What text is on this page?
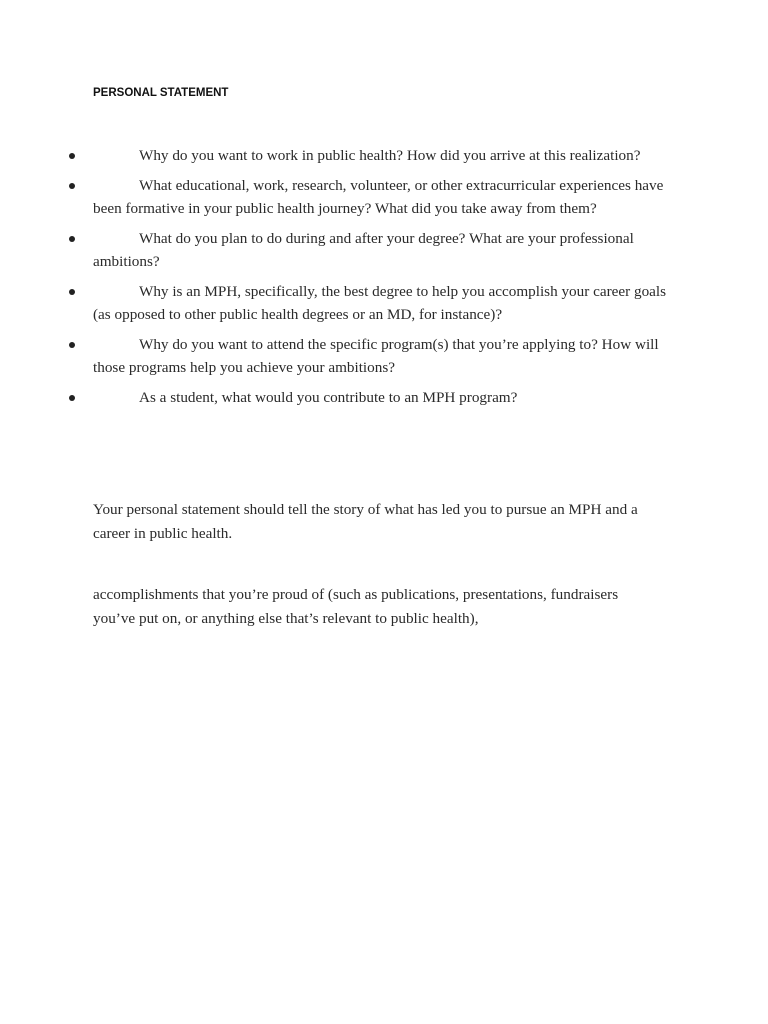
PERSONAL STATEMENT
Why do you want to work in public health? How did you arrive at this realization?
What educational, work, research, volunteer, or other extracurricular experiences have been formative in your public health journey? What did you take away from them?
What do you plan to do during and after your degree? What are your professional ambitions?
Why is an MPH, specifically, the best degree to help you accomplish your career goals (as opposed to other public health degrees or an MD, for instance)?
Why do you want to attend the specific program(s) that you’re applying to? How will those programs help you achieve your ambitions?
As a student, what would you contribute to an MPH program?

Your personal statement should tell the story of what has led you to pursue an MPH and a career in public health.

accomplishments that you’re proud of (such as publications, presentations, fundraisers you’ve put on, or anything else that’s relevant to public health),
